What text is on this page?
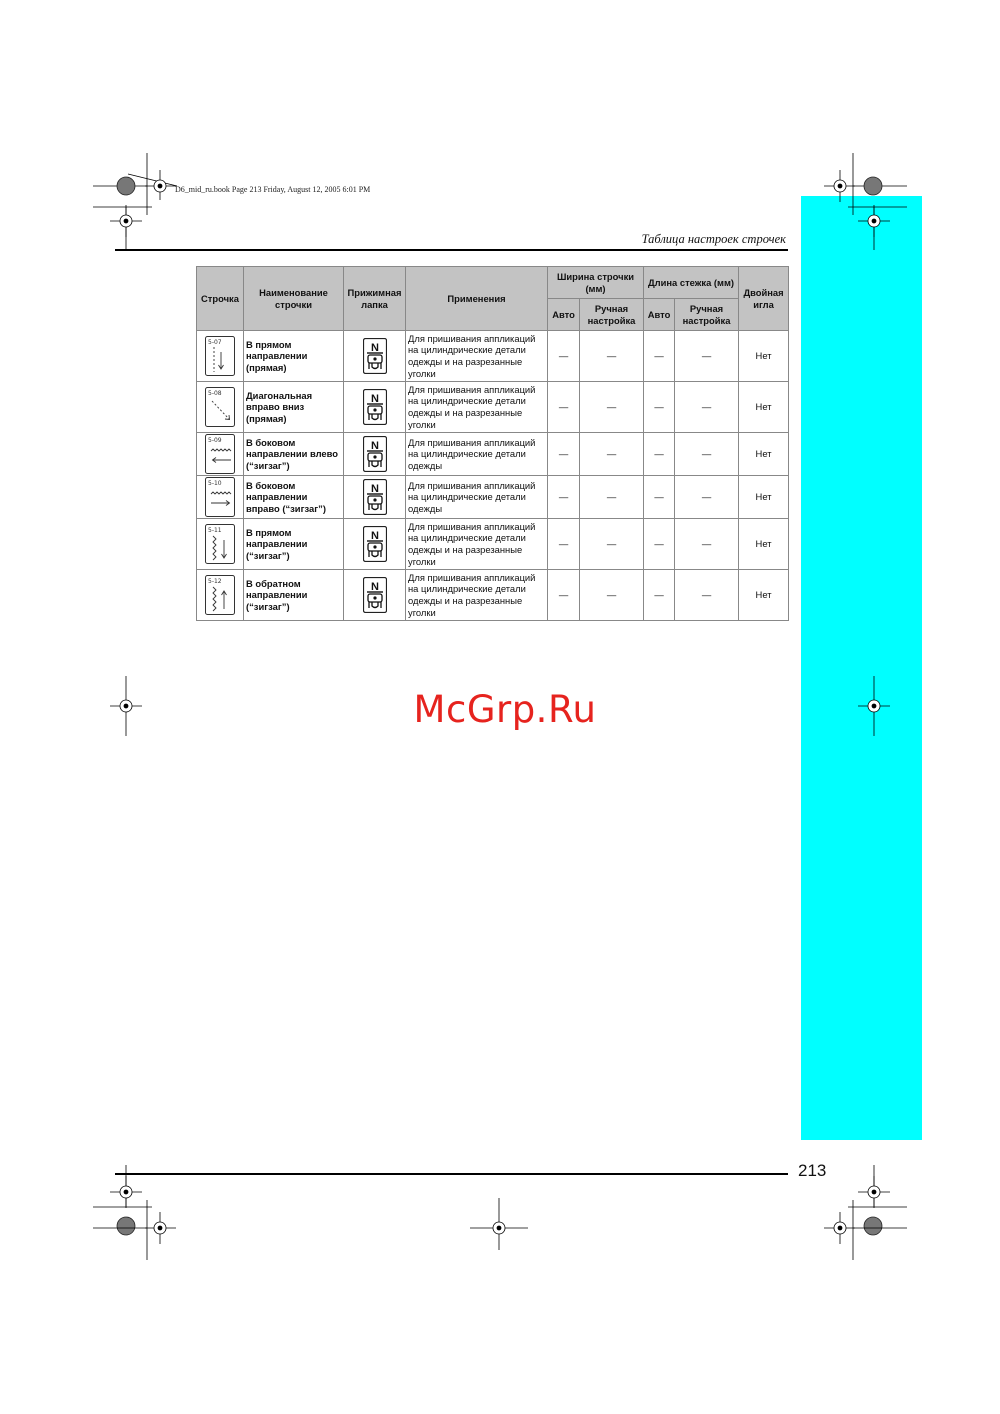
D6_mid_ru.book Page 213 Friday, August 12, 2005 6:01 PM
Таблица настроек строчек
Строчка	Наименование строчки	Прижимная лапка	Применения	Ширина строчки (мм)		Длина стежка (мм)		Двойная игла
				Авто	Ручная настройка	Авто	Ручная настройка	

5-07	В прямом направлении (прямая)	N	Для пришивания аппликаций на цилиндрические детали одежды и на разрезанные уголки	—	—	—	—	Нет

5-08	Диагональная вправо вниз (прямая)	N	Для пришивания аппликаций на цилиндрические детали одежды и на разрезанные уголки	—	—	—	—	Нет

5-09	В боковом направлении влево (“зигзаг”)	N	Для пришивания аппликаций на цилиндрические детали одежды	—	—	—	—	Нет

5-10	В боковом направлении вправо (“зигзаг”)	N	Для пришивания аппликаций на цилиндрические детали одежды	—	—	—	—	Нет

5-11	В прямом направлении (“зигзаг”)	N	Для пришивания аппликаций на цилиндрические детали одежды и на разрезанные уголки	—	—	—	—	Нет

5-12	В обратном направлении (“зигзаг”)	N	Для пришивания аппликаций на цилиндрические детали одежды и на разрезанные уголки	—	—	—	—	Нет
McGrp.Ru
213
